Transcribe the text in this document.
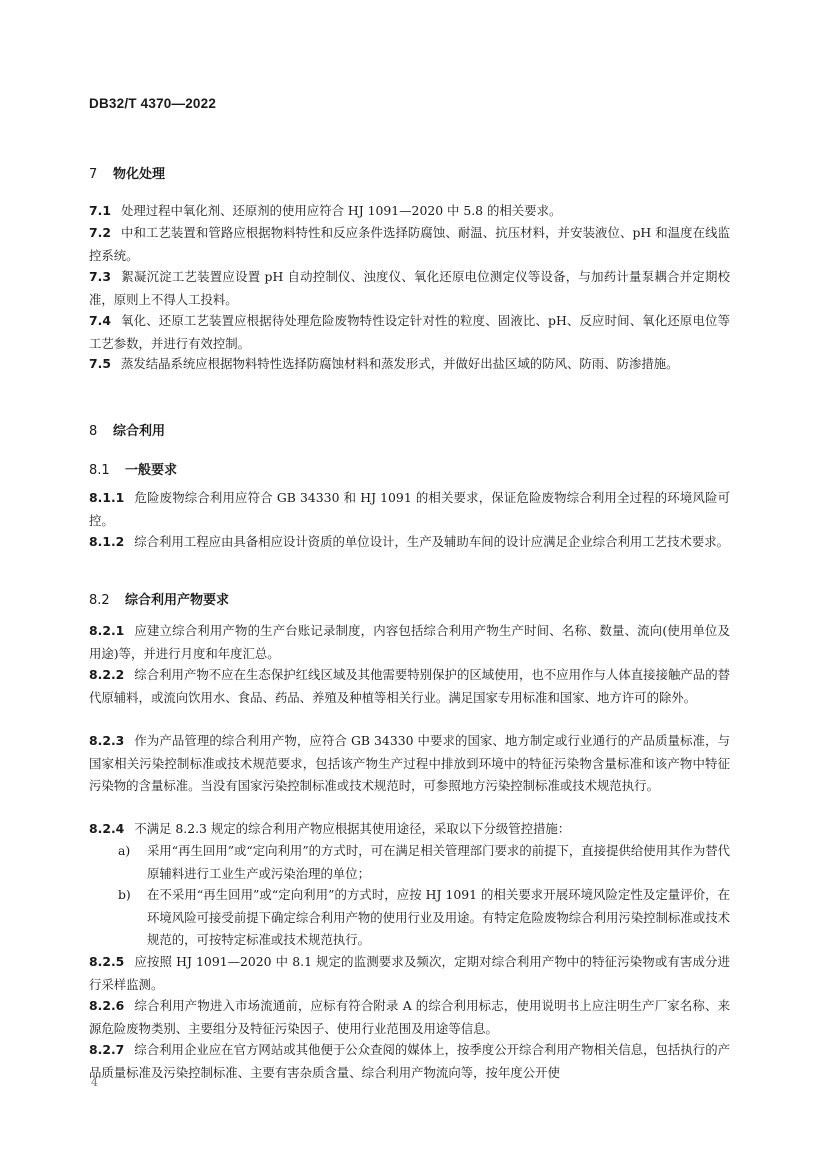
DB32/T 4370—2022
7 物化处理
7.1 处理过程中氧化剂、还原剂的使用应符合 HJ 1091—2020 中 5.8 的相关要求。
7.2 中和工艺装置和管路应根据物料特性和反应条件选择防腐蚀、耐温、抗压材料，并安装液位、pH 和温度在线监控系统。
7.3 絮凝沉淀工艺装置应设置 pH 自动控制仪、浊度仪、氧化还原电位测定仪等设备，与加药计量泵耦合并定期校准，原则上不得人工投料。
7.4 氧化、还原工艺装置应根据待处理危险废物特性设定针对性的粒度、固液比、pH、反应时间、氧化还原电位等工艺参数，并进行有效控制。
7.5 蒸发结晶系统应根据物料特性选择防腐蚀材料和蒸发形式，并做好出盐区域的防风、防雨、防渗措施。
8 综合利用
8.1 一般要求
8.1.1 危险废物综合利用应符合 GB 34330 和 HJ 1091 的相关要求，保证危险废物综合利用全过程的环境风险可控。
8.1.2 综合利用工程应由具备相应设计资质的单位设计，生产及辅助车间的设计应满足企业综合利用工艺技术要求。
8.2 综合利用产物要求
8.2.1 应建立综合利用产物的生产台账记录制度，内容包括综合利用产物生产时间、名称、数量、流向(使用单位及用途)等，并进行月度和年度汇总。
8.2.2 综合利用产物不应在生态保护红线区域及其他需要特别保护的区域使用，也不应用作与人体直接接触产品的替代原辅料，或流向饮用水、食品、药品、养殖及种植等相关行业。满足国家专用标准和国家、地方许可的除外。
8.2.3 作为产品管理的综合利用产物，应符合 GB 34330 中要求的国家、地方制定或行业通行的产品质量标准，与国家相关污染控制标准或技术规范要求，包括该产物生产过程中排放到环境中的特征污染物含量标准和该产物中特征污染物的含量标准。当没有国家污染控制标准或技术规范时，可参照地方污染控制标准或技术规范执行。
8.2.4 不满足 8.2.3 规定的综合利用产物应根据其使用途径，采取以下分级管控措施：
a) 采用“再生回用”或“定向利用”的方式时，可在满足相关管理部门要求的前提下，直接提供给使用其作为替代原辅料进行工业生产或污染治理的单位；
b) 在不采用“再生回用”或“定向利用”的方式时，应按 HJ 1091 的相关要求开展环境风险定性及定量评价，在环境风险可接受前提下确定综合利用产物的使用行业及用途。有特定危险废物综合利用污染控制标准或技术规范的，可按特定标准或技术规范执行。
8.2.5 应按照 HJ 1091—2020 中 8.1 规定的监测要求及频次，定期对综合利用产物中的特征污染物或有害成分进行采样监测。
8.2.6 综合利用产物进入市场流通前，应标有符合附录 A 的综合利用标志，使用说明书上应注明生产厂家名称、来源危险废物类别、主要组分及特征污染因子、使用行业范围及用途等信息。
8.2.7 综合利用企业应在官方网站或其他便于公众查阅的媒体上，按季度公开综合利用产物相关信息，包括执行的产品质量标准及污染控制标准、主要有害杂质含量、综合利用产物流向等，按年度公开使
4
